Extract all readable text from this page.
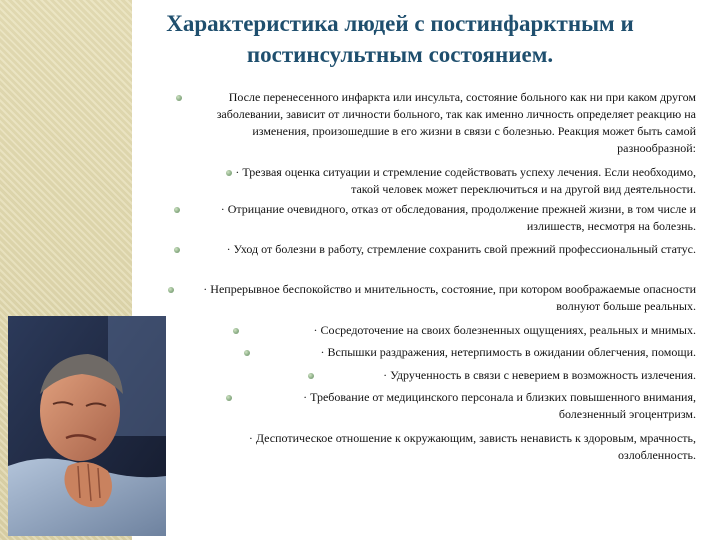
Характеристика людей с постинфарктным и постинсультным состоянием.
После перенесенного инфаркта или инсульта, состояние больного как ни при каком другом заболевании, зависит от личности больного, так как именно личность определяет реакцию на изменения, произошедшие в его жизни в связи с болезнью. Реакция может быть самой разнообразной:
· Трезвая оценка ситуации и стремление содействовать успеху лечения. Если необходимо, такой человек может переключиться и на другой вид деятельности.
· Отрицание очевидного, отказ от обследования, продолжение прежней жизни, в том числе и излишеств, несмотря на болезнь.
· Уход от болезни в работу, стремление сохранить свой прежний профессиональный статус.
· Непрерывное беспокойство и мнительность, состояние, при котором воображаемые опасности волнуют больше реальных.
· Сосредоточение на своих болезненных ощущениях, реальных и мнимых.
· Вспышки раздражения, нетерпимость в ожидании облегчения, помощи.
· Удрученность в связи с неверием в возможность излечения.
· Требование от медицинского персонала и близких повышенного внимания, болезненный эгоцентризм.
· Деспотическое отношение к окружающим, зависть ненависть к здоровым, мрачность, озлобленность.
